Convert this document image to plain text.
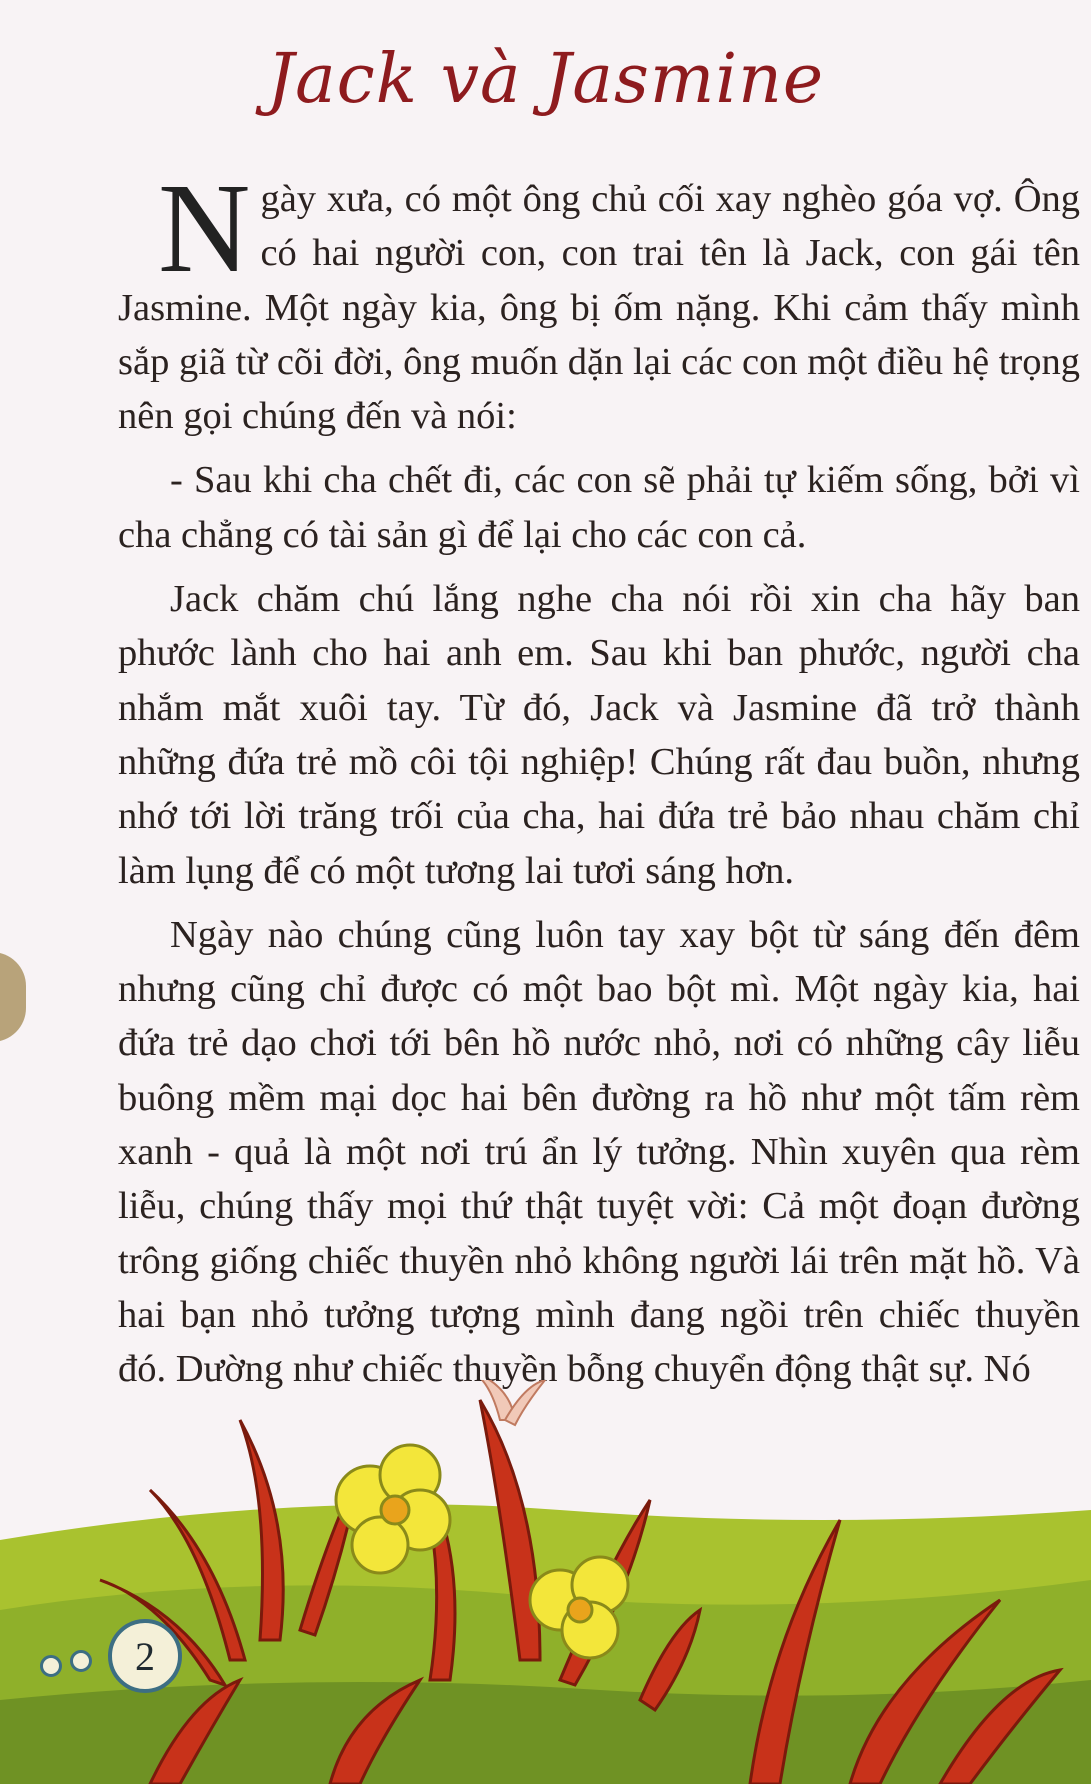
Jack và Jasmine

Ngày xưa, có một ông chủ cối xay nghèo góa vợ. Ông có hai người con, con trai tên là Jack, con gái tên Jasmine. Một ngày kia, ông bị ốm nặng. Khi cảm thấy mình sắp giã từ cõi đời, ông muốn dặn lại các con một điều hệ trọng nên gọi chúng đến và nói:

- Sau khi cha chết đi, các con sẽ phải tự kiếm sống, bởi vì cha chẳng có tài sản gì để lại cho các con cả.

Jack chăm chú lắng nghe cha nói rồi xin cha hãy ban phước lành cho hai anh em. Sau khi ban phước, người cha nhắm mắt xuôi tay. Từ đó, Jack và Jasmine đã trở thành những đứa trẻ mồ côi tội nghiệp! Chúng rất đau buồn, nhưng nhớ tới lời trăng trối của cha, hai đứa trẻ bảo nhau chăm chỉ làm lụng để có một tương lai tươi sáng hơn.

Ngày nào chúng cũng luôn tay xay bột từ sáng đến đêm nhưng cũng chỉ được có một bao bột mì. Một ngày kia, hai đứa trẻ dạo chơi tới bên hồ nước nhỏ, nơi có những cây liễu buông mềm mại dọc hai bên đường ra hồ như một tấm rèm xanh - quả là một nơi trú ẩn lý tưởng. Nhìn xuyên qua rèm liễu, chúng thấy mọi thứ thật tuyệt vời: Cả một đoạn đường trông giống chiếc thuyền nhỏ không người lái trên mặt hồ. Và hai bạn nhỏ tưởng tượng mình đang ngồi trên chiếc thuyền đó. Dường như chiếc thuyền bỗng chuyển động thật sự. Nó

2
